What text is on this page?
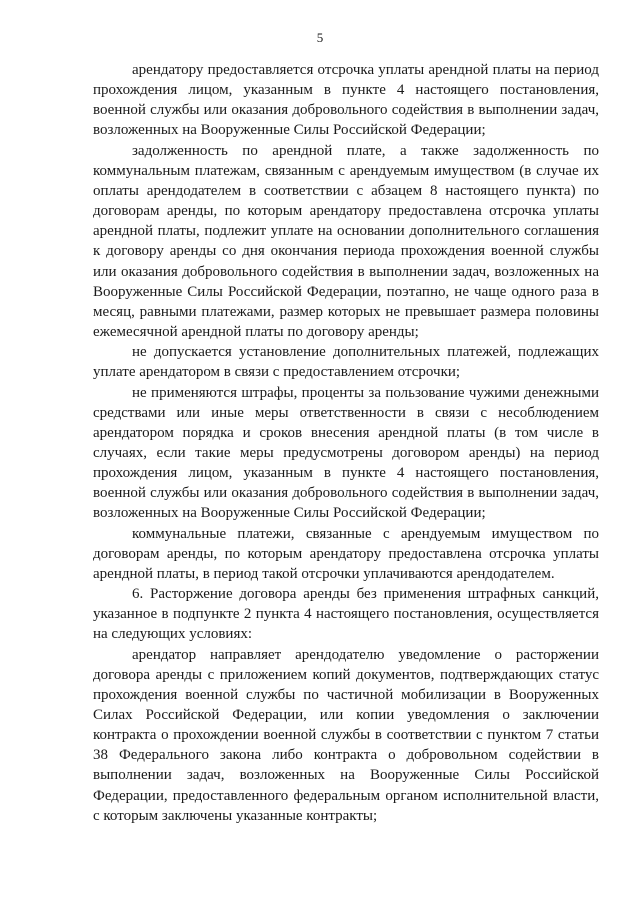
5

арендатору предоставляется отсрочка уплаты арендной платы на период прохождения лицом, указанным в пункте 4 настоящего постановления, военной службы или оказания добровольного содействия в выполнении задач, возложенных на Вооруженные Силы Российской Федерации;

задолженность по арендной плате, а также задолженность по коммунальным платежам, связанным с арендуемым имуществом (в случае их оплаты арендодателем в соответствии с абзацем 8 настоящего пункта) по договорам аренды, по которым арендатору предоставлена отсрочка уплаты арендной платы, подлежит уплате на основании дополнительного соглашения к договору аренды со дня окончания периода прохождения военной службы или оказания добровольного содействия в выполнении задач, возложенных на Вооруженные Силы Российской Федерации, поэтапно, не чаще одного раза в месяц, равными платежами, размер которых не превышает размера половины ежемесячной арендной платы по договору аренды;

не допускается установление дополнительных платежей, подлежащих уплате арендатором в связи с предоставлением отсрочки;

не применяются штрафы, проценты за пользование чужими денежными средствами или иные меры ответственности в связи с несоблюдением арендатором порядка и сроков внесения арендной платы (в том числе в случаях, если такие меры предусмотрены договором аренды) на период прохождения лицом, указанным в пункте 4 настоящего постановления, военной службы или оказания добровольного содействия в выполнении задач, возложенных на Вооруженные Силы Российской Федерации;

коммунальные платежи, связанные с арендуемым имуществом по договорам аренды, по которым арендатору предоставлена отсрочка уплаты арендной платы, в период такой отсрочки уплачиваются арендодателем.

6. Расторжение договора аренды без применения штрафных санкций, указанное в подпункте 2 пункта 4 настоящего постановления, осуществляется на следующих условиях:

арендатор направляет арендодателю уведомление о расторжении договора аренды с приложением копий документов, подтверждающих статус прохождения военной службы по частичной мобилизации в Вооруженных Силах Российской Федерации, или копии уведомления о заключении контракта о прохождении военной службы в соответствии с пунктом 7 статьи 38 Федерального закона либо контракта о добровольном содействии в выполнении задач, возложенных на Вооруженные Силы Российской Федерации, предоставленного федеральным органом исполнительной власти, с которым заключены указанные контракты;
